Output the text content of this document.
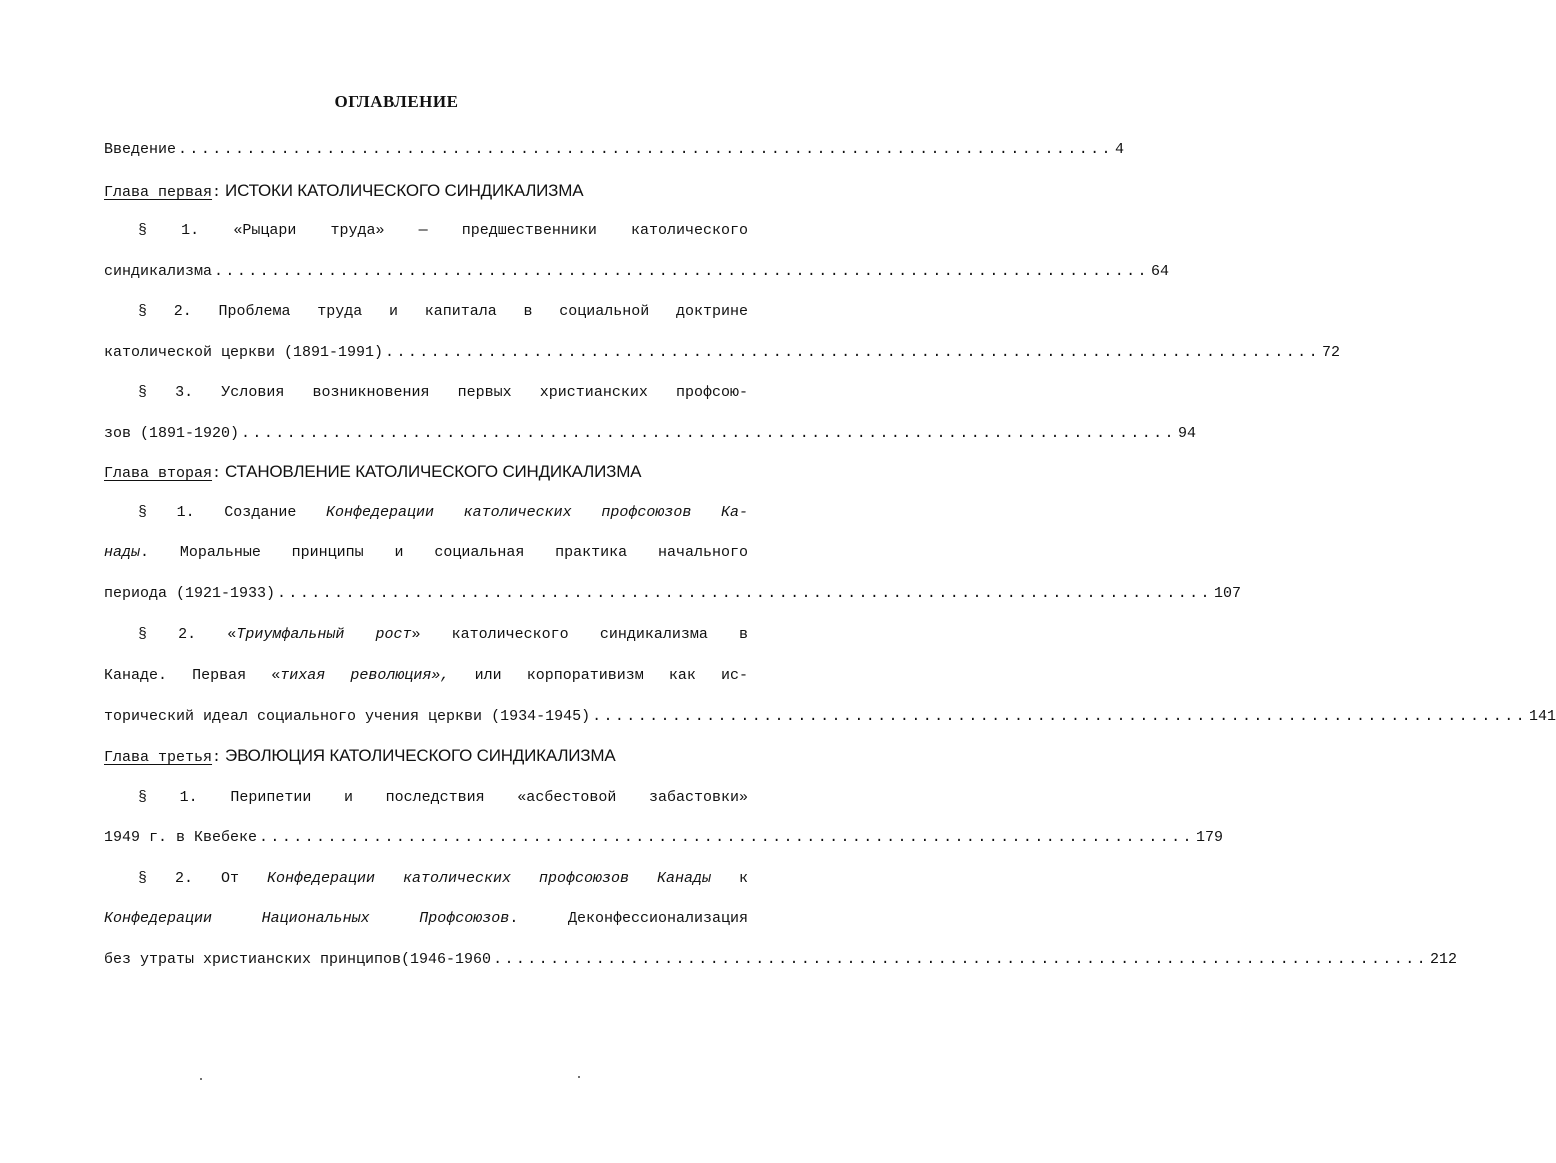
ОГЛАВЛЕНИЕ
Введение .................................................................................. 4
Глава первая : ИСТОКИ КАТОЛИЧЕСКОГО СИНДИКАЛИЗМА
§ 1. «Рыцари труда» — предшественники католического
синдикализма .................................................................................. 64
§ 2. Проблема труда и капитала в социальной доктрине
католической церкви (1891-1991) .................................................................................. 72
§ 3. Условия возникновения первых христианских профсою-
зов (1891-1920) .................................................................................. 94
Глава вторая : СТАНОВЛЕНИЕ КАТОЛИЧЕСКОГО СИНДИКАЛИЗМА
§ 1. Создание Конфедерации католических профсоюзов Ка-
нады. Моральные принципы и социальная практика начального
периода (1921-1933) .................................................................................. 107
§ 2. «Триумфальный рост» католического синдикализма в
Канаде. Первая «тихая революция», или корпоративизм как ис-
торический идеал социального учения церкви (1934-1945) .................................................................................. 141
Глава третья : ЭВОЛЮЦИЯ КАТОЛИЧЕСКОГО СИНДИКАЛИЗМА
§ 1. Перипетии и последствия «асбестовой забастовки»
1949 г. в Квебеке .................................................................................. 179
§ 2. От Конфедерации католических профсоюзов Канады к
Конфедерации Национальных Профсоюзов. Деконфессионализация
без утраты христианских принципов(1946-1960 .................................................................................. 212
